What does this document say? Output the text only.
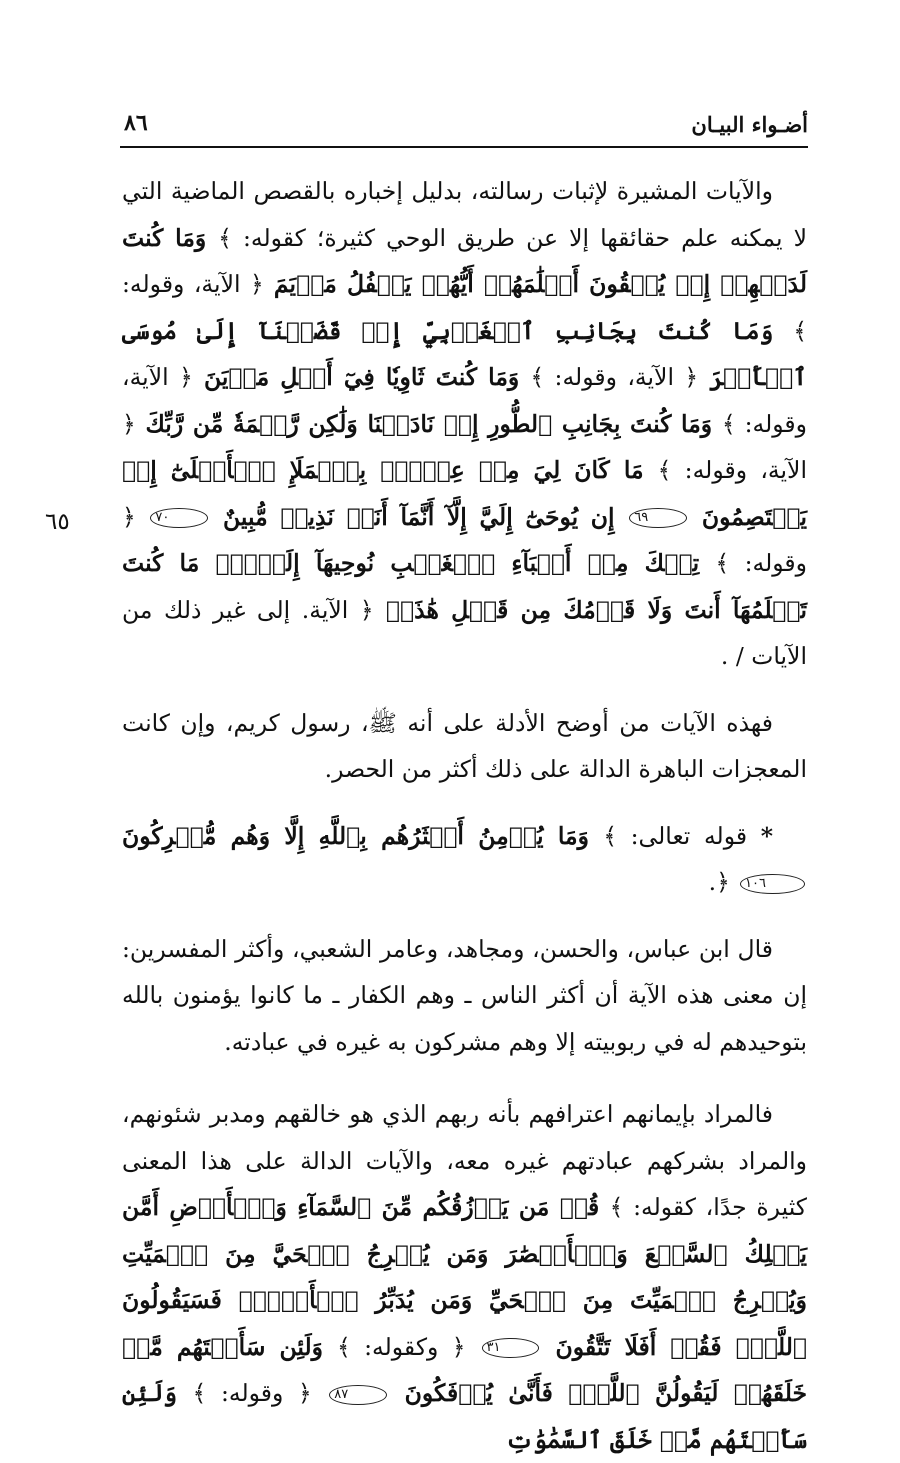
أضـواء البيـان
٨٦
٦٥

والآيات المشيرة لإثبات رسالته، بدليل إخباره بالقصص الماضية التي لا يمكنه علم حقائقها إلا عن طريق الوحي كثيرة؛ كقوله: ﴾ وَمَا كُنتَ لَدَيۡهِمۡ إِذۡ يُلۡقُونَ أَقۡلَٰمَهُمۡ أَيُّهُمۡ يَكۡفُلُ مَرۡيَمَ ﴿ الآية، وقوله: ﴾ وَمَا كُنتَ بِجَانِبِ ٱلۡغَرۡبِيِّ إِذۡ قَضَيۡنَآ إِلَىٰ مُوسَى ٱلۡأَمۡرَ ﴿ الآية، وقوله: ﴾ وَمَا كُنتَ ثَاوِيٗا فِيٓ أَهۡلِ مَدۡيَنَ ﴿ الآية، وقوله: ﴾ وَمَا كُنتَ بِجَانِبِ ٱلطُّورِ إِذۡ نَادَيۡنَا وَلَٰكِن رَّحۡمَةٗ مِّن رَّبِّكَ ﴿ الآية، وقوله: ﴾ مَا كَانَ لِيَ مِنۡ عِلۡمِۭ بِٱلۡمَلَإِ ٱلۡأَعۡلَىٰٓ إِذۡ يَخۡتَصِمُونَ ٦٩ إِن يُوحَىٰٓ إِلَيَّ إِلَّآ أَنَّمَآ أَنَا۠ نَذِيرٞ مُّبِينٌ ٧٠ ﴿ وقوله: ﴾ تِلۡكَ مِنۡ أَنۢبَآءِ ٱلۡغَيۡبِ نُوحِيهَآ إِلَيۡكَۖ مَا كُنتَ تَعۡلَمُهَآ أَنتَ وَلَا قَوۡمُكَ مِن قَبۡلِ هَٰذَاۖ ﴿ الآية. إلى غير ذلك من الآيات / .

فهذه الآيات من أوضح الأدلة على أنه ﷺ، رسول كريم، وإن كانت المعجزات الباهرة الدالة على ذلك أكثر من الحصر.

* قوله تعالى: ﴾ وَمَا يُؤۡمِنُ أَكۡثَرُهُم بِٱللَّهِ إِلَّا وَهُم مُّشۡرِكُونَ ١٠٦ ﴿.

قال ابن عباس، والحسن، ومجاهد، وعامر الشعبي، وأكثر المفسرين: إن معنى هذه الآية أن أكثر الناس ـ وهم الكفار ـ ما كانوا يؤمنون بالله بتوحيدهم له في ربوبيته إلا وهم مشركون به غيره في عبادته.

فالمراد بإيمانهم اعترافهم بأنه ربهم الذي هو خالقهم ومدبر شئونهم، والمراد بشركهم عبادتهم غيره معه، والآيات الدالة على هذا المعنى كثيرة جدًا، كقوله: ﴾ قُلۡ مَن يَرۡزُقُكُم مِّنَ ٱلسَّمَآءِ وَٱلۡأَرۡضِ أَمَّن يَمۡلِكُ ٱلسَّمۡعَ وَٱلۡأَبۡصَٰرَ وَمَن يُخۡرِجُ ٱلۡحَيَّ مِنَ ٱلۡمَيِّتِ وَيُخۡرِجُ ٱلۡمَيِّتَ مِنَ ٱلۡحَيِّ وَمَن يُدَبِّرُ ٱلۡأَمۡرَۚ فَسَيَقُولُونَ ٱللَّهُۚ فَقُلۡ أَفَلَا تَتَّقُونَ ٣١ ﴿ وكقوله: ﴾ وَلَئِن سَأَلۡتَهُم مَّنۡ خَلَقَهُمۡ لَيَقُولُنَّ ٱللَّهُۖ فَأَنَّىٰ يُؤۡفَكُونَ ٨٧ ﴿ وقوله: ﴾ وَلَئِن سَأَلۡتَهُم مَّنۡ خَلَقَ ٱلسَّمَٰوَٰتِ
